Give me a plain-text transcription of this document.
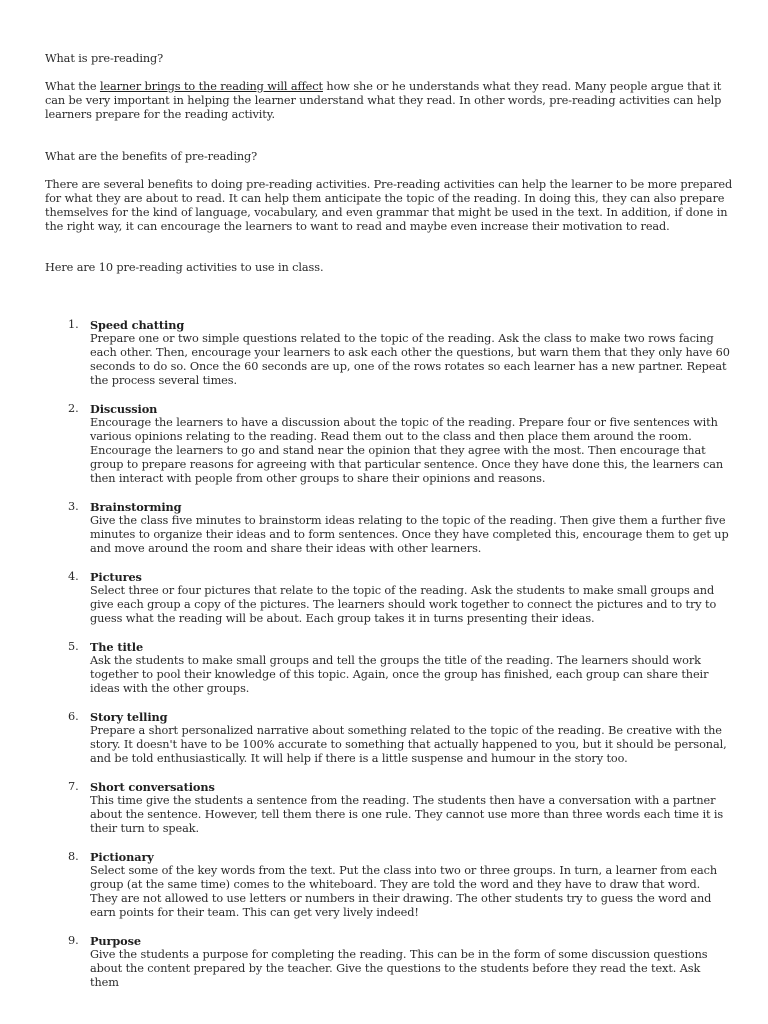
What is pre-reading?

What the learner brings to the reading will affect how she or he understands what they read. Many people argue that it can be very important in helping the learner understand what they read. In other words, pre-reading activities can help learners prepare for the reading activity.

What are the benefits of pre-reading?

There are several benefits to doing pre-reading activities. Pre-reading activities can help the learner to be more prepared for what they are about to read. It can help them anticipate the topic of the reading. In doing this, they can also prepare themselves for the kind of language, vocabulary, and even grammar that might be used in the text. In addition, if done in the right way, it can encourage the learners to want to read and maybe even increase their motivation to read.

Here are 10 pre-reading activities to use in class.

1. Speed chatting
Prepare one or two simple questions related to the topic of the reading. Ask the class to make two rows facing each other. Then, encourage your learners to ask each other the questions, but warn them that they only have 60 seconds to do so. Once the 60 seconds are up, one of the rows rotates so each learner has a new partner. Repeat the process several times.
2. Discussion
Encourage the learners to have a discussion about the topic of the reading. Prepare four or five sentences with various opinions relating to the reading. Read them out to the class and then place them around the room. Encourage the learners to go and stand near the opinion that they agree with the most. Then encourage that group to prepare reasons for agreeing with that particular sentence. Once they have done this, the learners can then interact with people from other groups to share their opinions and reasons.
3. Brainstorming
Give the class five minutes to brainstorm ideas relating to the topic of the reading. Then give them a further five minutes to organize their ideas and to form sentences. Once they have completed this, encourage them to get up and move around the room and share their ideas with other learners.
4. Pictures
Select three or four pictures that relate to the topic of the reading. Ask the students to make small groups and give each group a copy of the pictures. The learners should work together to connect the pictures and to try to guess what the reading will be about. Each group takes it in turns presenting their ideas.
5. The title
Ask the students to make small groups and tell the groups the title of the reading. The learners should work together to pool their knowledge of this topic. Again, once the group has finished, each group can share their ideas with the other groups.
6. Story telling
Prepare a short personalized narrative about something related to the topic of the reading. Be creative with the story. It doesn't have to be 100% accurate to something that actually happened to you, but it should be personal, and be told enthusiastically. It will help if there is a little suspense and humour in the story too.
7. Short conversations
This time give the students a sentence from the reading. The students then have a conversation with a partner about the sentence. However, tell them there is one rule. They cannot use more than three words each time it is their turn to speak.
8. Pictionary
Select some of the key words from the text. Put the class into two or three groups. In turn, a learner from each group (at the same time) comes to the whiteboard. They are told the word and they have to draw that word. They are not allowed to use letters or numbers in their drawing. The other students try to guess the word and earn points for their team. This can get very lively indeed!
9. Purpose
Give the students a purpose for completing the reading. This can be in the form of some discussion questions about the content prepared by the teacher. Give the questions to the students before they read the text. Ask them
